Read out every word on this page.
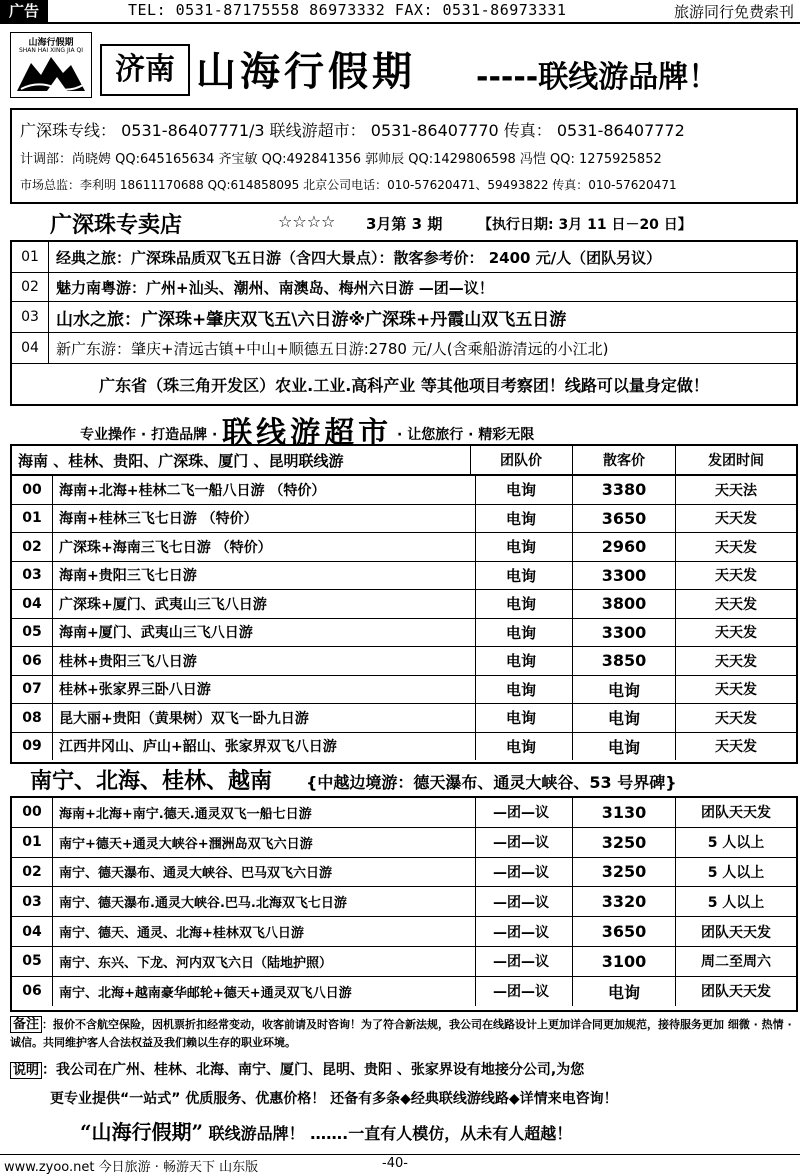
广告	TEL: 0531-87175558 86973332 FAX: 0531-86973331	旅游同行免费索刊
山海行假期
SHAN HAI XING JIA QI
济南 山海行假期 -----联线游品牌！
广深珠专线： 0531-86407771/3 联线游超市： 0531-86407770 传真： 0531-86407772
计调部：尚晓娉 QQ:645165634 齐宝敏 QQ:492841356 郭帅辰 QQ:1429806598 冯恺 QQ: 1275925852
市场总监：李利明 18611170688 QQ:614858095 北京公司电话：010-57620471、59493822 传真：010-57620471
广深珠专卖店	☆☆☆☆ 3月第 3 期	【执行日期: 3月 11 日－20 日】
01	经典之旅：广深珠品质双飞五日游（含四大景点）：散客参考价： 2400 元/人（团队另议）
02	魅力南粤游：广州+汕头、潮州、南澳岛、梅州六日游 —团—议！
03	山水之旅：广深珠+肇庆双飞五\六日游※广深珠+丹霞山双飞五日游
04	新广东游：肇庆+清远古镇+中山+顺德五日游:2780 元/人(含乘船游清远的小江北)
广东省（珠三角开发区）农业.工业.高科产业 等其他项目考察团！线路可以量身定做！
专业操作 · 打造品牌 · 联线游超市 · 让您旅行 · 精彩无限
海南 、桂林、贵阳、广深珠、厦门 、昆明联线游	团队价	散客价	发团时间
00	海南+北海+桂林二飞一船八日游 （特价）	电询	3380	天天法
01	海南+桂林三飞七日游 （特价）	电询	3650	天天发
02	广深珠+海南三飞七日游 （特价）	电询	2960	天天发
03	海南+贵阳三飞七日游	电询	3300	天天发
04	广深珠+厦门、武夷山三飞八日游	电询	3800	天天发
05	海南+厦门、武夷山三飞八日游	电询	3300	天天发
06	桂林+贵阳三飞八日游	电询	3850	天天发
07	桂林+张家界三卧八日游	电询	电询	天天发
08	昆大丽+贵阳（黄果树）双飞一卧九日游	电询	电询	天天发
09	江西井冈山、庐山+韶山、张家界双飞八日游	电询	电询	天天发
南宁、北海、桂林、越南 {中越边境游：德天瀑布、通灵大峡谷、53 号界碑}
00	海南+北海+南宁.德天.通灵双飞一船七日游	—团—议	3130	团队天天发
01	南宁+德天+通灵大峡谷+涠洲岛双飞六日游	—团—议	3250	5 人以上
02	南宁、德天瀑布、通灵大峡谷、巴马双飞六日游	—团—议	3250	5 人以上
03	南宁、德天瀑布.通灵大峡谷.巴马.北海双飞七日游	—团—议	3320	5 人以上
04	南宁、德天、通灵、北海+桂林双飞八日游	—团—议	3650	团队天天发
05	南宁、东兴、下龙、河内双飞六日（陆地护照）	—团—议	3100	周二至周六
06	南宁、北海+越南豪华邮轮+德天+通灵双飞八日游	—团—议	电询	团队天天发
备注 ：报价不含航空保险，因机票折扣经常变动，收客前请及时咨询！为了符合新法规，我公司在线路设计上更加详合同更加规范，接待服务更加 细微 · 热情 · 诚信。共同维护客人合法权益及我们赖以生存的职业环境。
说明 ：我公司在广州、桂林、北海、南宁、厦门、昆明、贵阳 、张家界设有地接分公司,为您
更专业提供“一站式” 优质服务、优惠价格！ 还备有多条◆经典联线游线路◆详情来电咨询！
“山海行假期” 联线游品牌！ …….一直有人模仿，从未有人超越！
www.zyoo.net 今日旅游 · 畅游天下 山东版	-40-
